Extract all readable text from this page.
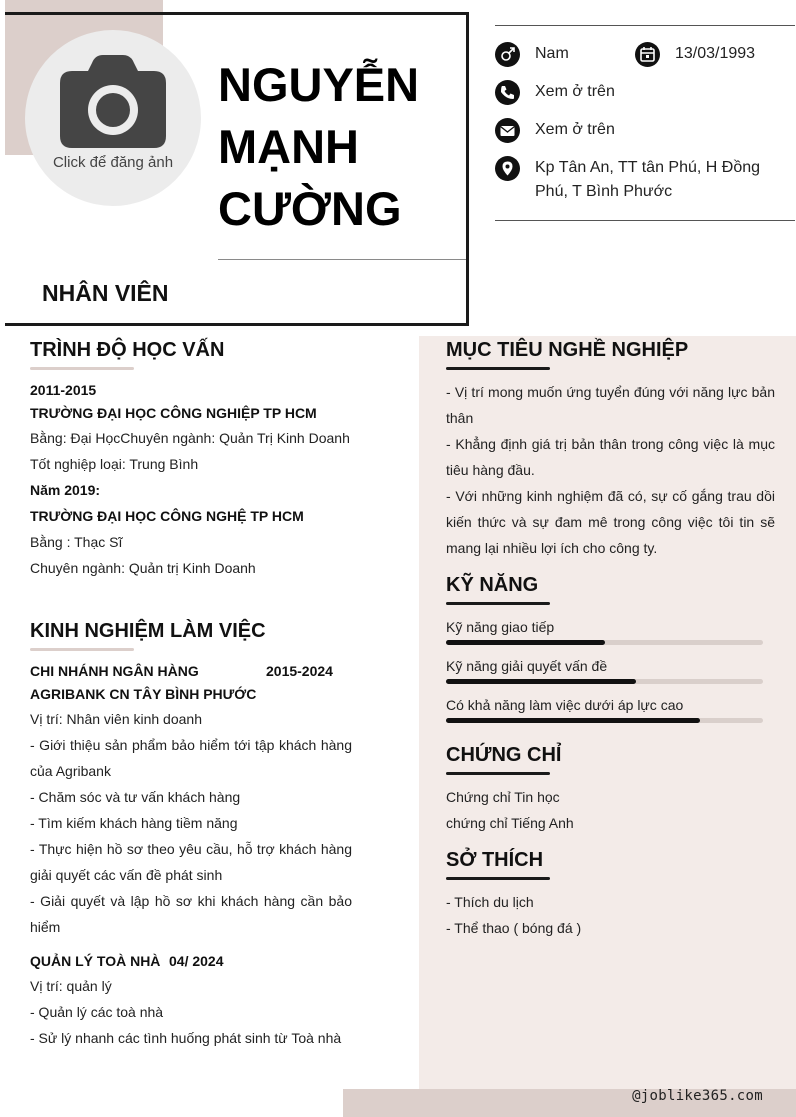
@joblike365.com
Click để đăng ảnh
NGUYỄN
MẠNH
CƯỜNG
NHÂN VIÊN
Nam	13/03/1993
Xem ở trên
Xem ở trên
Kp Tân An, TT tân Phú, H Đồng
Phú, T Bình Phước
TRÌNH ĐỘ HỌC VẤN
2011-2015
TRƯỜNG ĐẠI HỌC CÔNG NGHIỆP TP HCM
Bằng: Đại HọcChuyên ngành: Quản Trị Kinh Doanh
Tốt nghiệp loại: Trung Bình
Năm 2019:
TRƯỜNG ĐẠI HỌC CÔNG NGHỆ TP HCM
Bằng : Thạc Sĩ
Chuyên ngành: Quản trị Kinh Doanh
KINH NGHIỆM LÀM VIỆC
CHI NHÁNH NGÂN HÀNG	2015-2024
AGRIBANK CN TÂY BÌNH PHƯỚC
Vị trí: Nhân viên kinh doanh
- Giới thiệu sản phẩm bảo hiểm tới tập khách hàng của Agribank
- Chăm sóc và tư vấn khách hàng
- Tìm kiếm khách hàng tiềm năng
- Thực hiện hồ sơ theo yêu cầu, hỗ trợ khách hàng giải quyết các vấn đề phát sinh
- Giải quyết và lập hồ sơ khi khách hàng cần bảo hiểm
QUẢN LÝ TOÀ NHÀ 04/ 2024
Vị trí: quản lý
- Quản lý các toà nhà
- Sử lý nhanh các tình huống phát sinh từ Toà nhà
MỤC TIÊU NGHỀ NGHIỆP
- Vị trí mong muốn ứng tuyển đúng với năng lực bản thân
- Khẳng định giá trị bản thân trong công việc là mục tiêu hàng đầu.
- Với những kinh nghiệm đã có, sự cố gắng trau dồi kiến thức và sự đam mê trong công việc tôi tin sẽ mang lại nhiều lợi ích cho công ty.
KỸ NĂNG
Kỹ năng giao tiếp
Kỹ năng giải quyết vấn đề
Có khả năng làm việc dưới áp lực cao
CHỨNG CHỈ
Chứng chỉ Tin học
chứng chỉ Tiếng Anh
SỞ THÍCH
- Thích du lịch
- Thể thao ( bóng đá )
